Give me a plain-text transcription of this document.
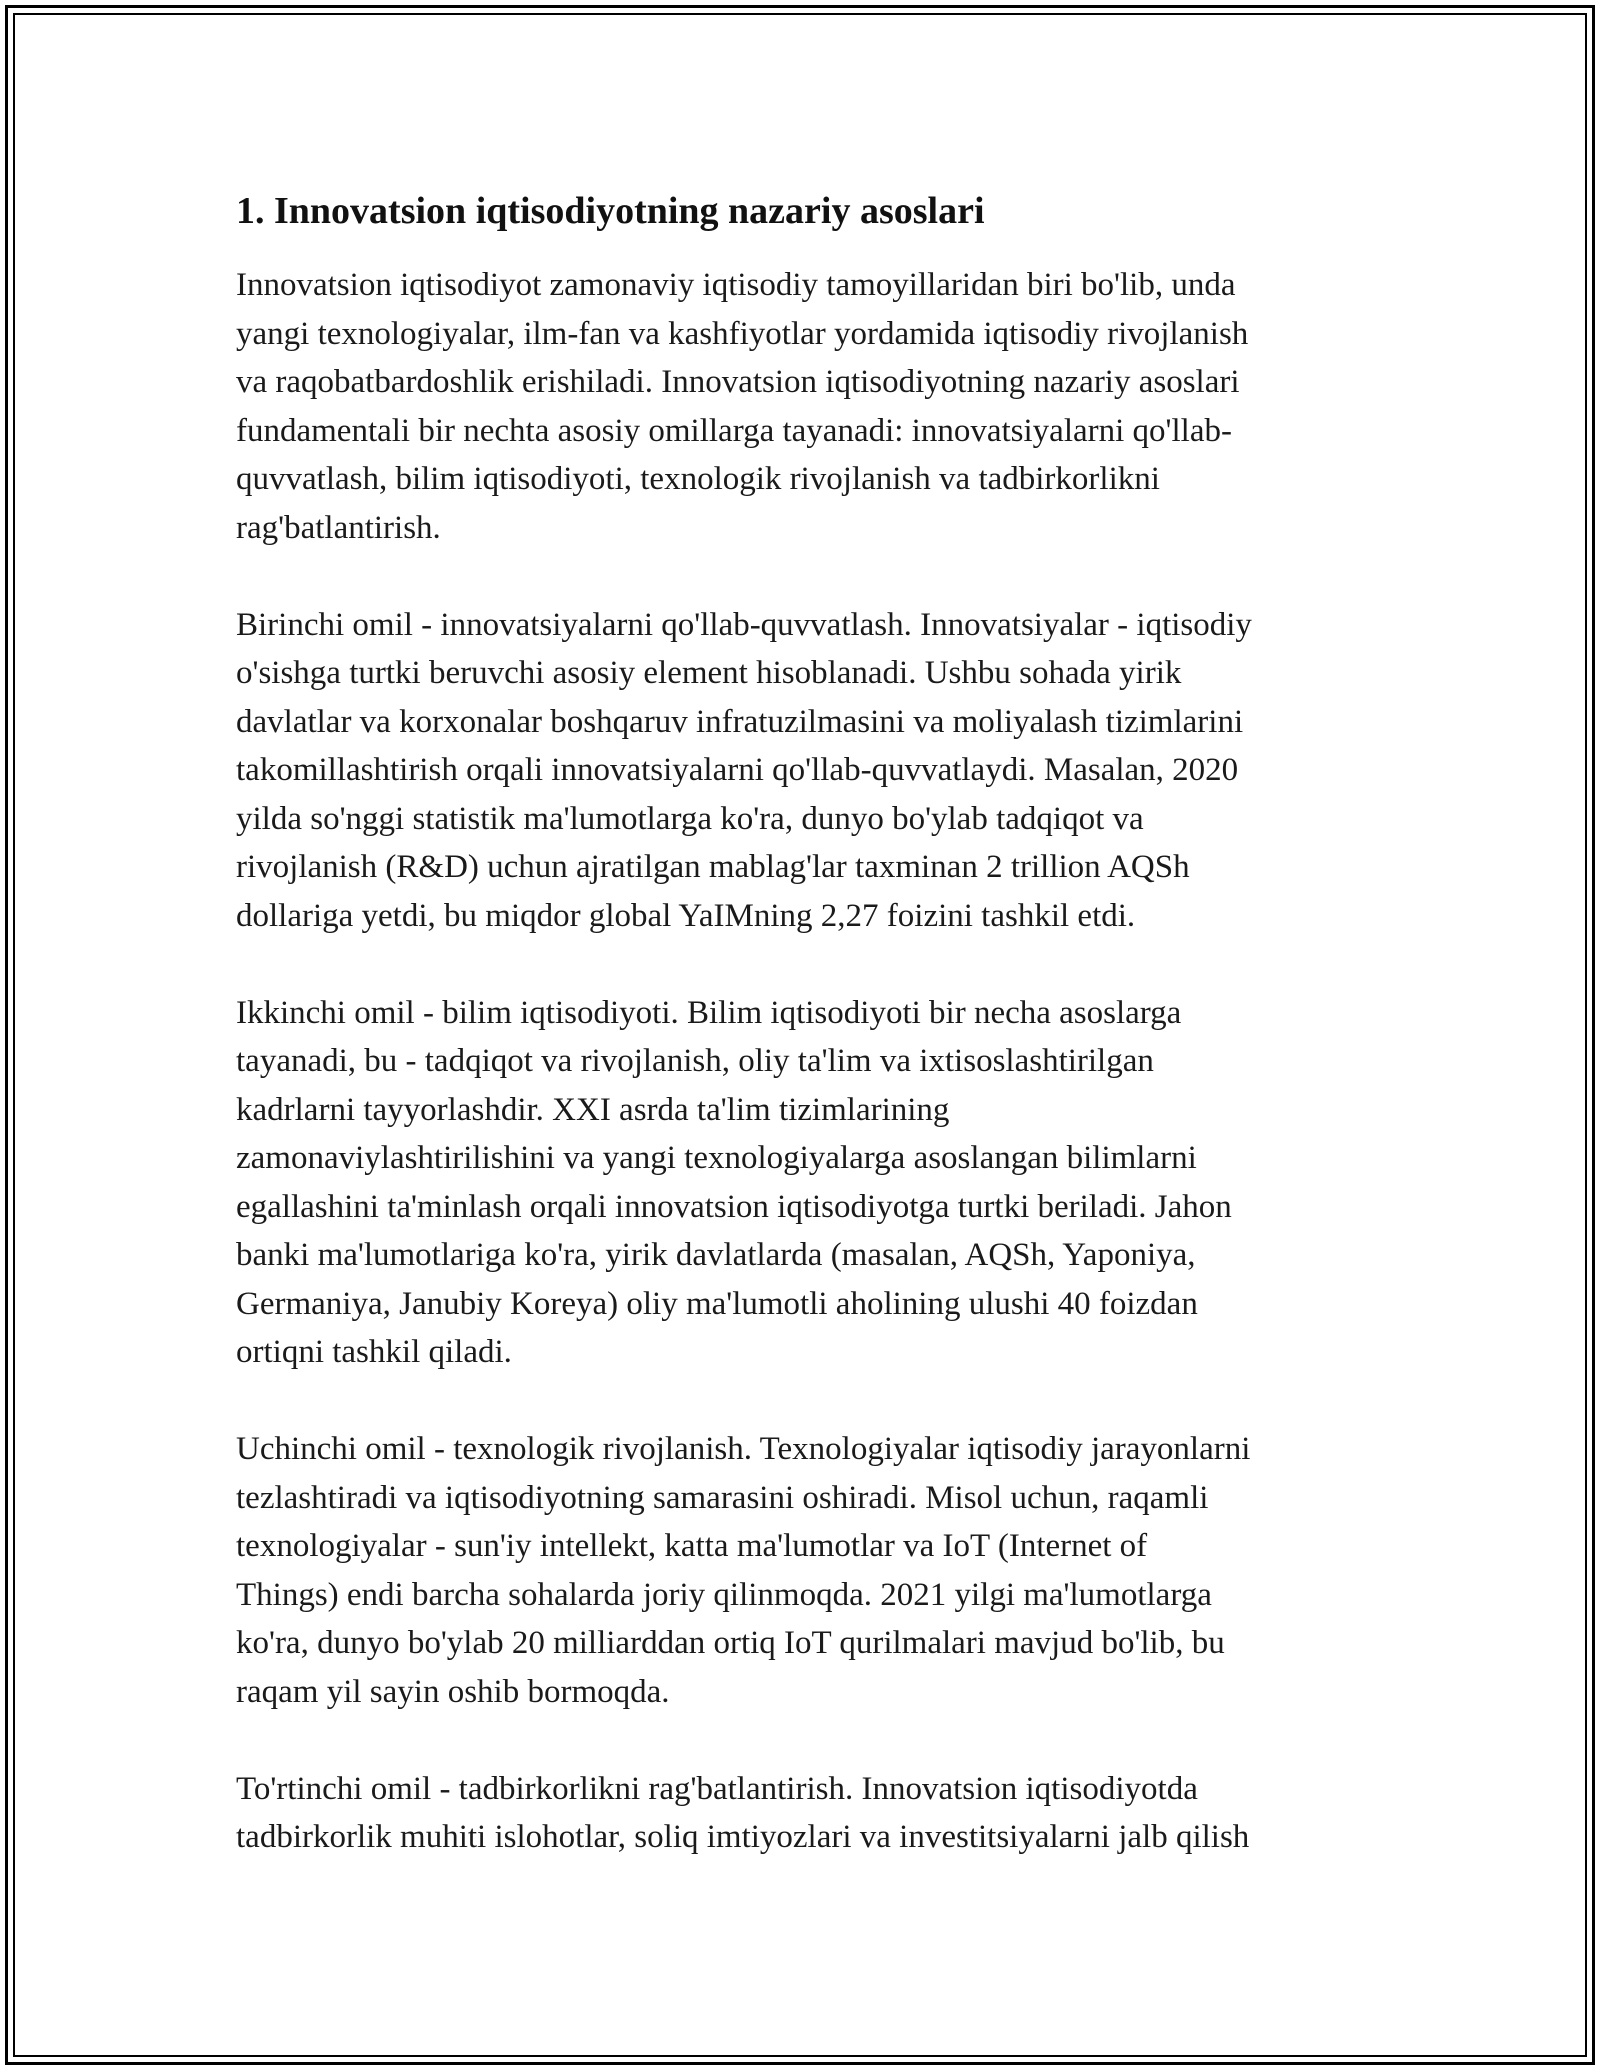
1. Innovatsion iqtisodiyotning nazariy asoslari

Innovatsion iqtisodiyot zamonaviy iqtisodiy tamoyillaridan biri bo'lib, unda
yangi texnologiyalar, ilm-fan va kashfiyotlar yordamida iqtisodiy rivojlanish
va raqobatbardoshlik erishiladi. Innovatsion iqtisodiyotning nazariy asoslari
fundamentali bir nechta asosiy omillarga tayanadi: innovatsiyalarni qo'llab-
quvvatlash, bilim iqtisodiyoti, texnologik rivojlanish va tadbirkorlikni
rag'batlantirish.

Birinchi omil - innovatsiyalarni qo'llab-quvvatlash. Innovatsiyalar - iqtisodiy
o'sishga turtki beruvchi asosiy element hisoblanadi. Ushbu sohada yirik
davlatlar va korxonalar boshqaruv infratuzilmasini va moliyalash tizimlarini
takomillashtirish orqali innovatsiyalarni qo'llab-quvvatlaydi. Masalan, 2020
yilda so'nggi statistik ma'lumotlarga ko'ra, dunyo bo'ylab tadqiqot va
rivojlanish (R&D) uchun ajratilgan mablag'lar taxminan 2 trillion AQSh
dollariga yetdi, bu miqdor global YaIMning 2,27 foizini tashkil etdi.

Ikkinchi omil - bilim iqtisodiyoti. Bilim iqtisodiyoti bir necha asoslarga
tayanadi, bu - tadqiqot va rivojlanish, oliy ta'lim va ixtisoslashtirilgan
kadrlarni tayyorlashdir. XXI asrda ta'lim tizimlarining
zamonaviylashtirilishini va yangi texnologiyalarga asoslangan bilimlarni
egallashini ta'minlash orqali innovatsion iqtisodiyotga turtki beriladi. Jahon
banki ma'lumotlariga ko'ra, yirik davlatlarda (masalan, AQSh, Yaponiya,
Germaniya, Janubiy Koreya) oliy ma'lumotli aholining ulushi 40 foizdan
ortiqni tashkil qiladi.

Uchinchi omil - texnologik rivojlanish. Texnologiyalar iqtisodiy jarayonlarni
tezlashtiradi va iqtisodiyotning samarasini oshiradi. Misol uchun, raqamli
texnologiyalar - sun'iy intellekt, katta ma'lumotlar va IoT (Internet of
Things) endi barcha sohalarda joriy qilinmoqda. 2021 yilgi ma'lumotlarga
ko'ra, dunyo bo'ylab 20 milliarddan ortiq IoT qurilmalari mavjud bo'lib, bu
raqam yil sayin oshib bormoqda.

To'rtinchi omil - tadbirkorlikni rag'batlantirish. Innovatsion iqtisodiyotda
tadbirkorlik muhiti islohotlar, soliq imtiyozlari va investitsiyalarni jalb qilish
